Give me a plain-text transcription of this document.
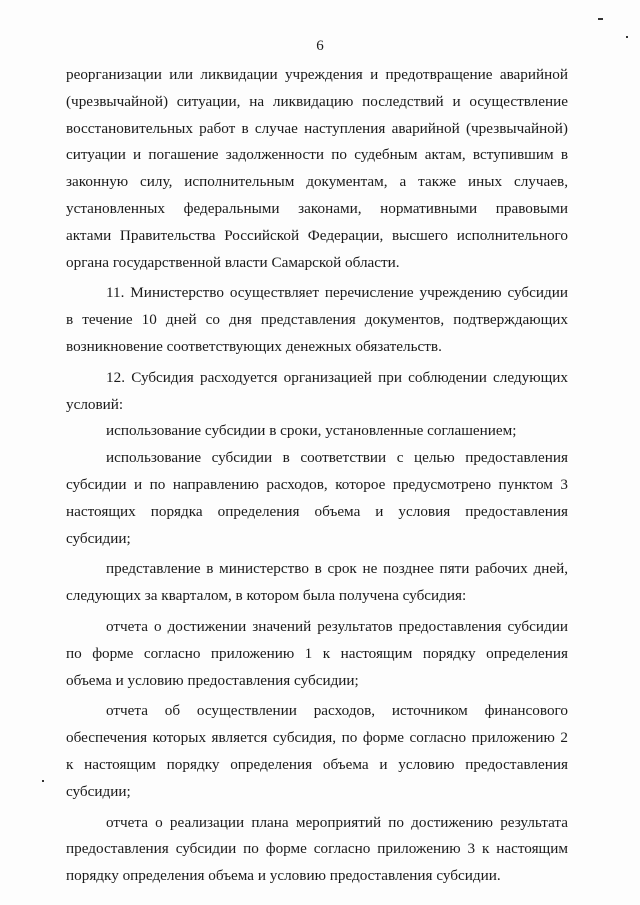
6
реорганизации или ликвидации учреждения и предотвращение аварийной
(чрезвычайной) ситуации, на ликвидацию последствий и осуществление
восстановительных работ в случае наступления аварийной (чрезвычайной)
ситуации и погашение задолженности по судебным актам, вступившим в
законную силу, исполнительным документам, а также иных случаев,
установленных федеральными законами, нормативными правовыми
актами Правительства Российской Федерации, высшего исполнительного
органа государственной власти Самарской области.
11. Министерство осуществляет перечисление учреждению субсидии
в течение 10 дней со дня представления документов, подтверждающих
возникновение соответствующих денежных обязательств.
12. Субсидия расходуется организацией при соблюдении следующих
условий:
использование субсидии в сроки, установленные соглашением;
использование субсидии в соответствии с целью предоставления
субсидии и по направлению расходов, которое предусмотрено пунктом 3
настоящих порядка определения объема и условия предоставления
субсидии;
представление в министерство в срок не позднее пяти рабочих дней,
следующих за кварталом, в котором была получена субсидия:
отчета о достижении значений результатов предоставления субсидии
по форме согласно приложению 1 к настоящим порядку определения
объема и условию предоставления субсидии;
отчета об осуществлении расходов, источником финансового
обеспечения которых является субсидия, по форме согласно приложению 2
к настоящим порядку определения объема и условию предоставления
субсидии;
отчета о реализации плана мероприятий по достижению результата
предоставления субсидии по форме согласно приложению 3 к настоящим
порядку определения объема и условию предоставления субсидии.
